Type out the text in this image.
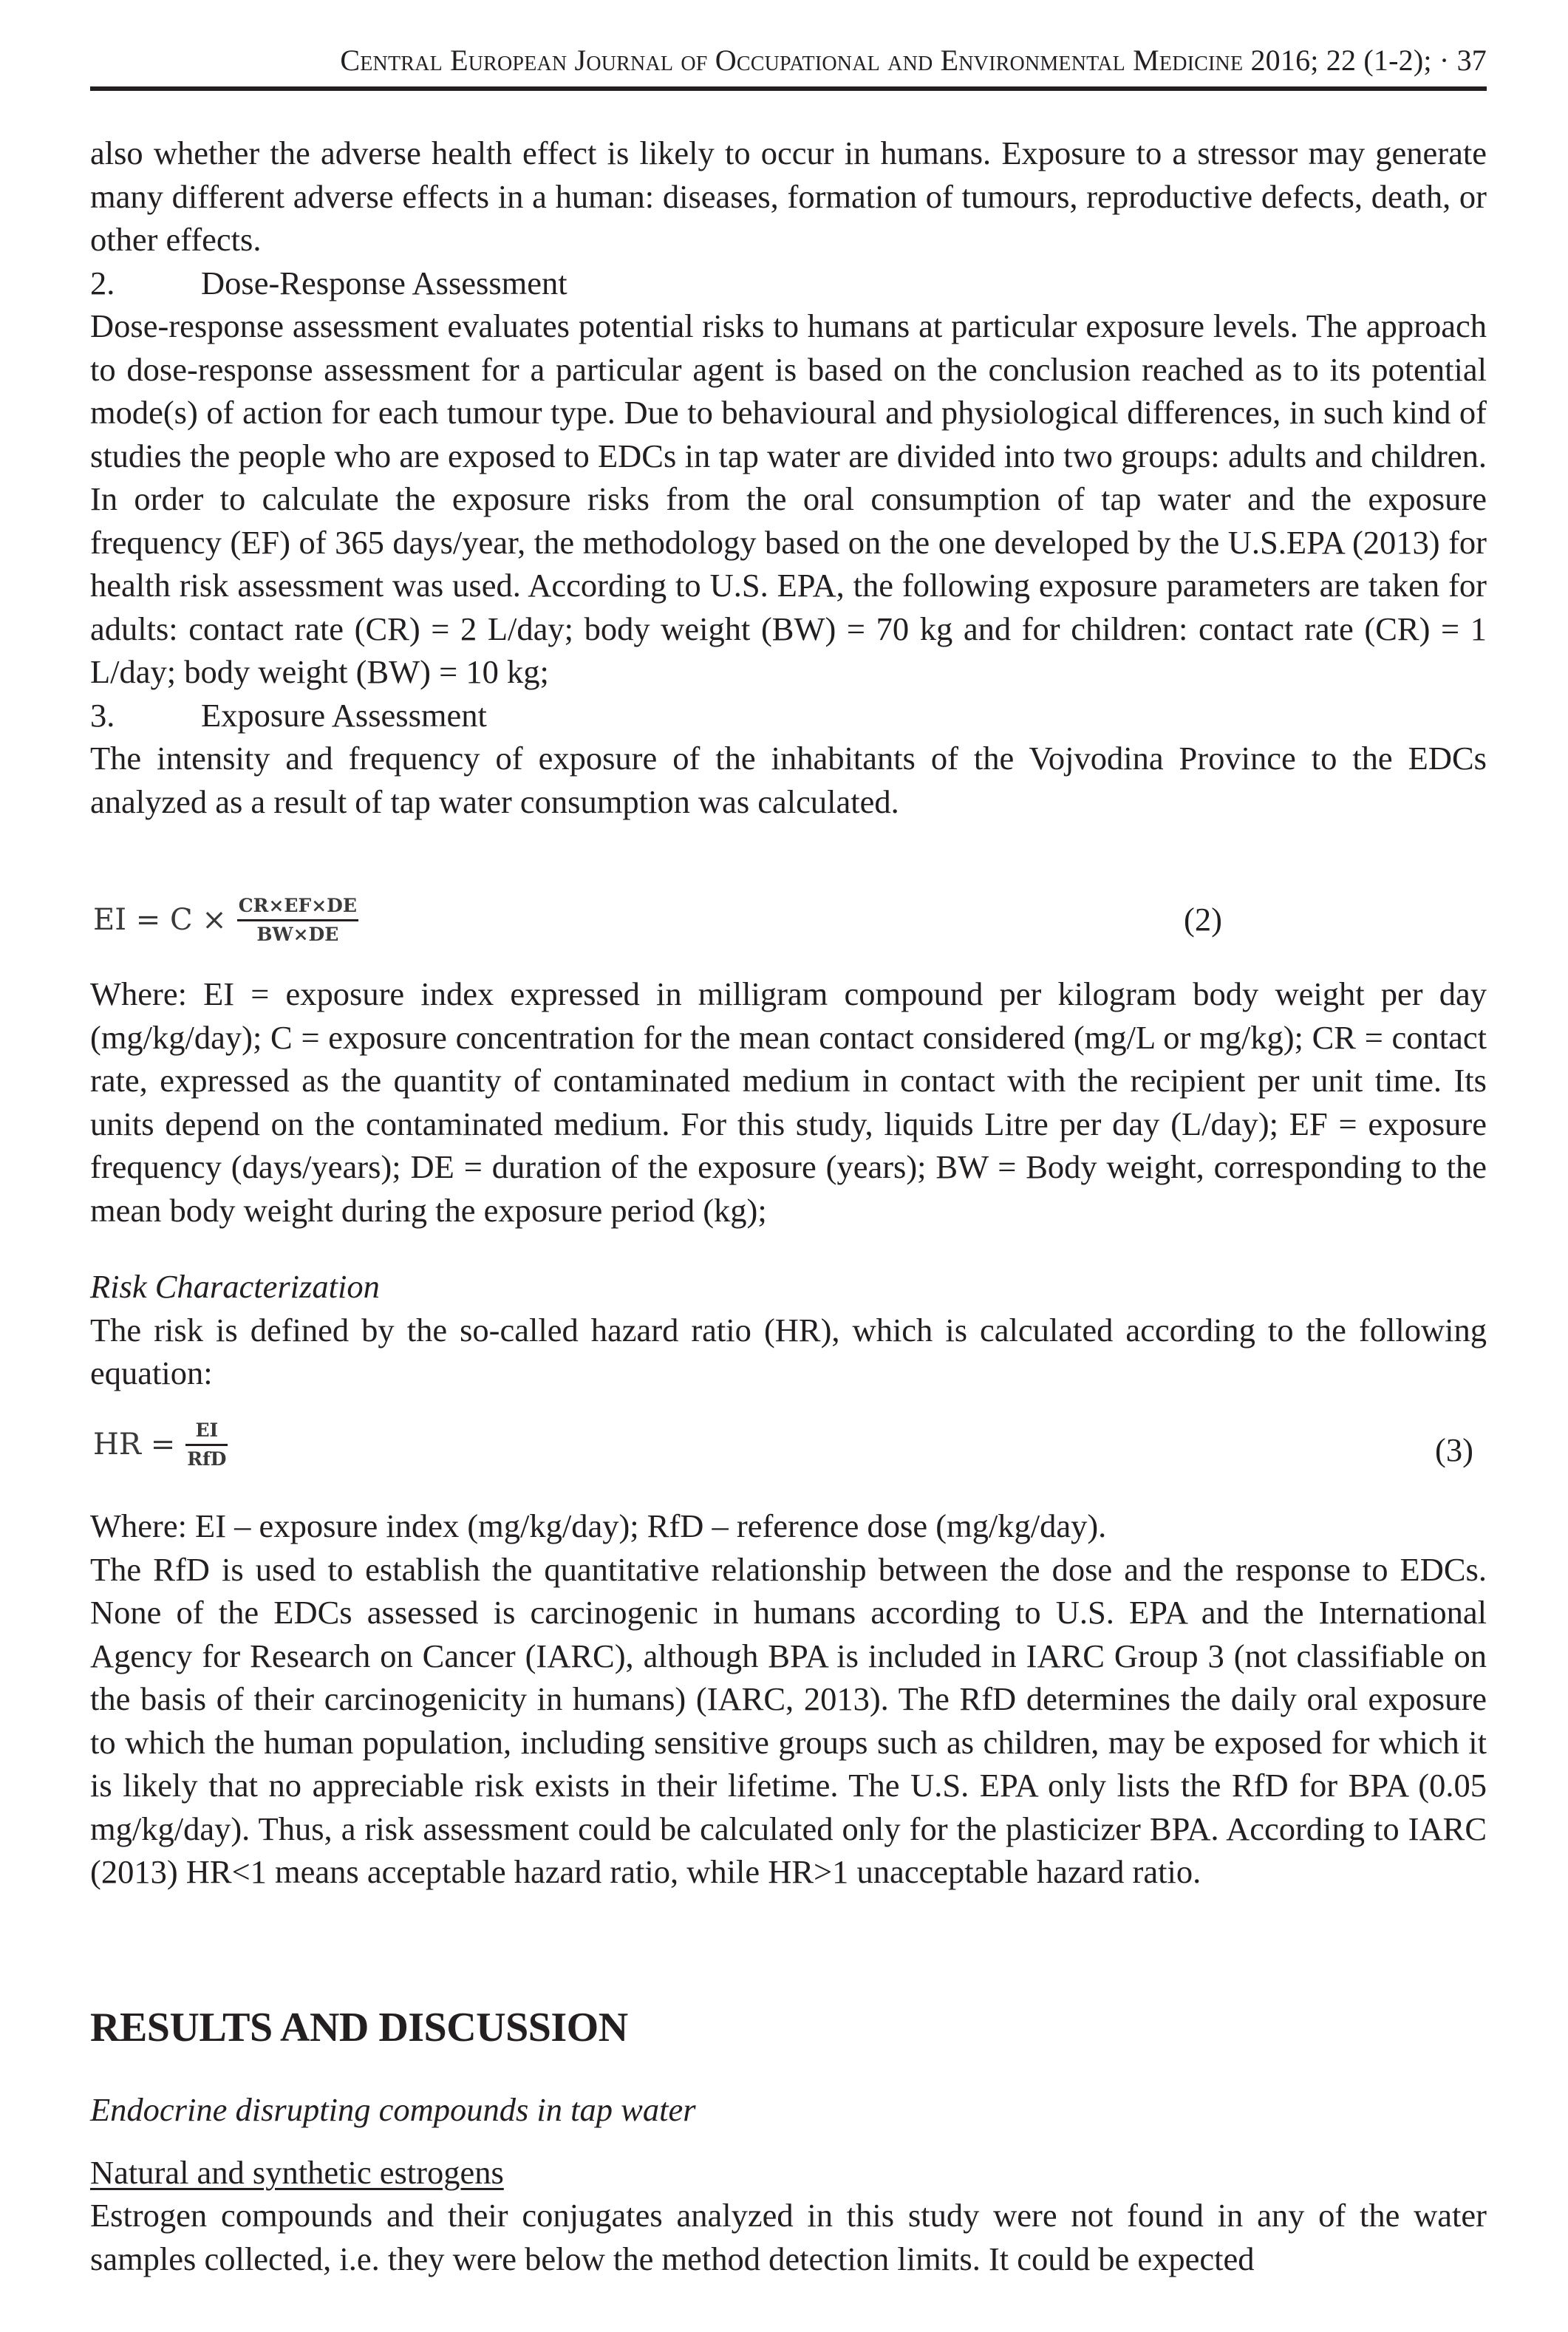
Central European Journal of Occupational and Environmental Medicine 2016; 22 (1-2); · 37

also whether the adverse health effect is likely to occur in humans. Exposure to a stressor may generate many different adverse effects in a human: diseases, formation of tumours, reproductive defects, death, or other effects.

2.	Dose-Response Assessment

Dose-response assessment evaluates potential risks to humans at particular exposure levels. The approach to dose-response assessment for a particular agent is based on the conclusion reached as to its potential mode(s) of action for each tumour type. Due to behavioural and physiological differences, in such kind of studies the people who are exposed to EDCs in tap water are divided into two groups: adults and children. In order to calculate the exposure risks from the oral consumption of tap water and the exposure frequency (EF) of 365 days/year, the methodology based on the one developed by the U.S.EPA (2013) for health risk assessment was used. According to U.S. EPA, the following exposure parameters are taken for adults: contact rate (CR) = 2 L/day; body weight (BW) = 70 kg and for children: contact rate (CR) = 1 L/day; body weight (BW) = 10 kg;

3.	Exposure Assessment

The intensity and frequency of exposure of the inhabitants of the Vojvodina Province to the EDCs analyzed as a result of tap water consumption was calculated.

EI = $C \times \frac{CR\times EF\times DE}{BW\times DE}$	(2)

Where: EI = exposure index expressed in milligram compound per kilogram body weight per day (mg/kg/day); C = exposure concentration for the mean contact considered (mg/L or mg/kg); CR = contact rate, expressed as the quantity of contaminated medium in contact with the recipient per unit time. Its units depend on the contaminated medium. For this study, liquids Litre per day (L/day); EF = exposure frequency (days/years); DE = duration of the exposure (years); BW = Body weight, corresponding to the mean body weight during the exposure period (kg);

Risk Characterization

The risk is defined by the so-called hazard ratio (HR), which is calculated according to the following equation:

HR = $\frac{EI}{\text{RfD}}$	(3)

Where: EI – exposure index (mg/kg/day); RfD – reference dose (mg/kg/day).

The RfD is used to establish the quantitative relationship between the dose and the response to EDCs. None of the EDCs assessed is carcinogenic in humans according to U.S. EPA and the International Agency for Research on Cancer (IARC), although BPA is included in IARC Group 3 (not classifiable on the basis of their carcinogenicity in humans) (IARC, 2013). The RfD determines the daily oral exposure to which the human population, including sensitive groups such as children, may be exposed for which it is likely that no appreciable risk exists in their lifetime. The U.S. EPA only lists the RfD for BPA (0.05 mg/kg/day). Thus, a risk assessment could be calculated only for the plasticizer BPA. According to IARC (2013) HR<1 means acceptable hazard ratio, while HR>1 unacceptable hazard ratio.

RESULTS AND DISCUSSION

Endocrine disrupting compounds in tap water

Natural and synthetic estrogens

Estrogen compounds and their conjugates analyzed in this study were not found in any of the water samples collected, i.e. they were below the method detection limits. It could be expected
